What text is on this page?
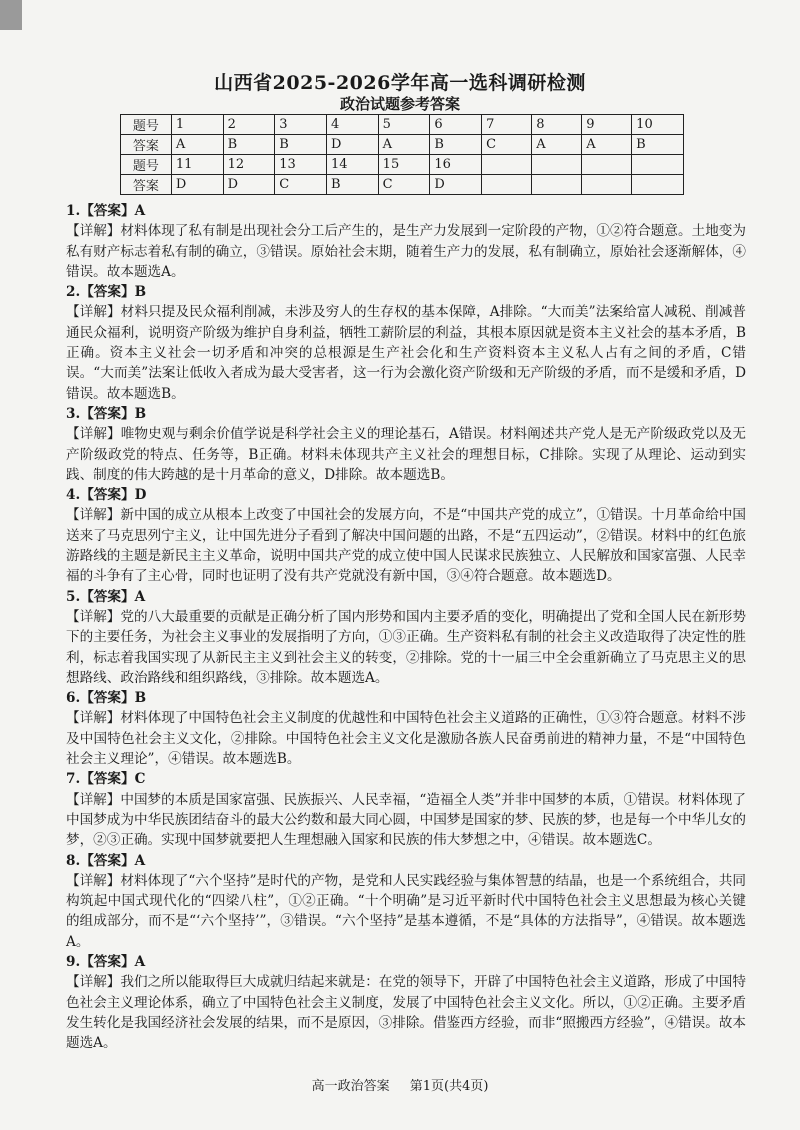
山西省2025-2026学年高一选科调研检测
政治试题参考答案
题号	1	2	3	4	5	6	7	8	9	10
答案	A	B	B	D	A	B	C	A	A	B
题号	11	12	13	14	15	16				
答案	D	D	C	B	C	D				
1.【答案】A
【详解】材料体现了私有制是出现社会分工后产生的，是生产力发展到一定阶段的产物，①②符合题意。土地变为私有财产标志着私有制的确立，③错误。原始社会末期，随着生产力的发展，私有制确立，原始社会逐渐解体，④错误。故本题选A。
2.【答案】B
【详解】材料只提及民众福利削减，未涉及穷人的生存权的基本保障，A排除。“大而美”法案给富人减税、削减普通民众福利，说明资产阶级为维护自身利益，牺牲工薪阶层的利益，其根本原因就是资本主义社会的基本矛盾，B正确。资本主义社会一切矛盾和冲突的总根源是生产社会化和生产资料资本主义私人占有之间的矛盾，C错误。“大而美”法案让低收入者成为最大受害者，这一行为会激化资产阶级和无产阶级的矛盾，而不是缓和矛盾，D错误。故本题选B。
3.【答案】B
【详解】唯物史观与剩余价值学说是科学社会主义的理论基石，A错误。材料阐述共产党人是无产阶级政党以及无产阶级政党的特点、任务等，B正确。材料未体现共产主义社会的理想目标，C排除。实现了从理论、运动到实践、制度的伟大跨越的是十月革命的意义，D排除。故本题选B。
4.【答案】D
【详解】新中国的成立从根本上改变了中国社会的发展方向，不是“中国共产党的成立”，①错误。十月革命给中国送来了马克思列宁主义，让中国先进分子看到了解决中国问题的出路，不是“五四运动”，②错误。材料中的红色旅游路线的主题是新民主主义革命，说明中国共产党的成立使中国人民谋求民族独立、人民解放和国家富强、人民幸福的斗争有了主心骨，同时也证明了没有共产党就没有新中国，③④符合题意。故本题选D。
5.【答案】A
【详解】党的八大最重要的贡献是正确分析了国内形势和国内主要矛盾的变化，明确提出了党和全国人民在新形势下的主要任务，为社会主义事业的发展指明了方向，①③正确。生产资料私有制的社会主义改造取得了决定性的胜利，标志着我国实现了从新民主主义到社会主义的转变，②排除。党的十一届三中全会重新确立了马克思主义的思想路线、政治路线和组织路线，③排除。故本题选A。
6.【答案】B
【详解】材料体现了中国特色社会主义制度的优越性和中国特色社会主义道路的正确性，①③符合题意。材料不涉及中国特色社会主义文化，②排除。中国特色社会主义文化是激励各族人民奋勇前进的精神力量，不是“中国特色社会主义理论”，④错误。故本题选B。
7.【答案】C
【详解】中国梦的本质是国家富强、民族振兴、人民幸福，“造福全人类”并非中国梦的本质，①错误。材料体现了中国梦成为中华民族团结奋斗的最大公约数和最大同心圆，中国梦是国家的梦、民族的梦，也是每一个中华儿女的梦，②③正确。实现中国梦就要把人生理想融入国家和民族的伟大梦想之中，④错误。故本题选C。
8.【答案】A
【详解】材料体现了“六个坚持”是时代的产物，是党和人民实践经验与集体智慧的结晶，也是一个系统组合，共同构筑起中国式现代化的“四梁八柱”，①②正确。“十个明确”是习近平新时代中国特色社会主义思想最为核心关键的组成部分，而不是“‘六个坚持’”，③错误。“六个坚持”是基本遵循，不是“具体的方法指导”，④错误。故本题选A。
9.【答案】A
【详解】我们之所以能取得巨大成就归结起来就是：在党的领导下，开辟了中国特色社会主义道路，形成了中国特色社会主义理论体系，确立了中国特色社会主义制度，发展了中国特色社会主义文化。所以，①②正确。主要矛盾发生转化是我国经济社会发展的结果，而不是原因，③排除。借鉴西方经验，而非“照搬西方经验”，④错误。故本题选A。
高一政治答案 第1页(共4页)
